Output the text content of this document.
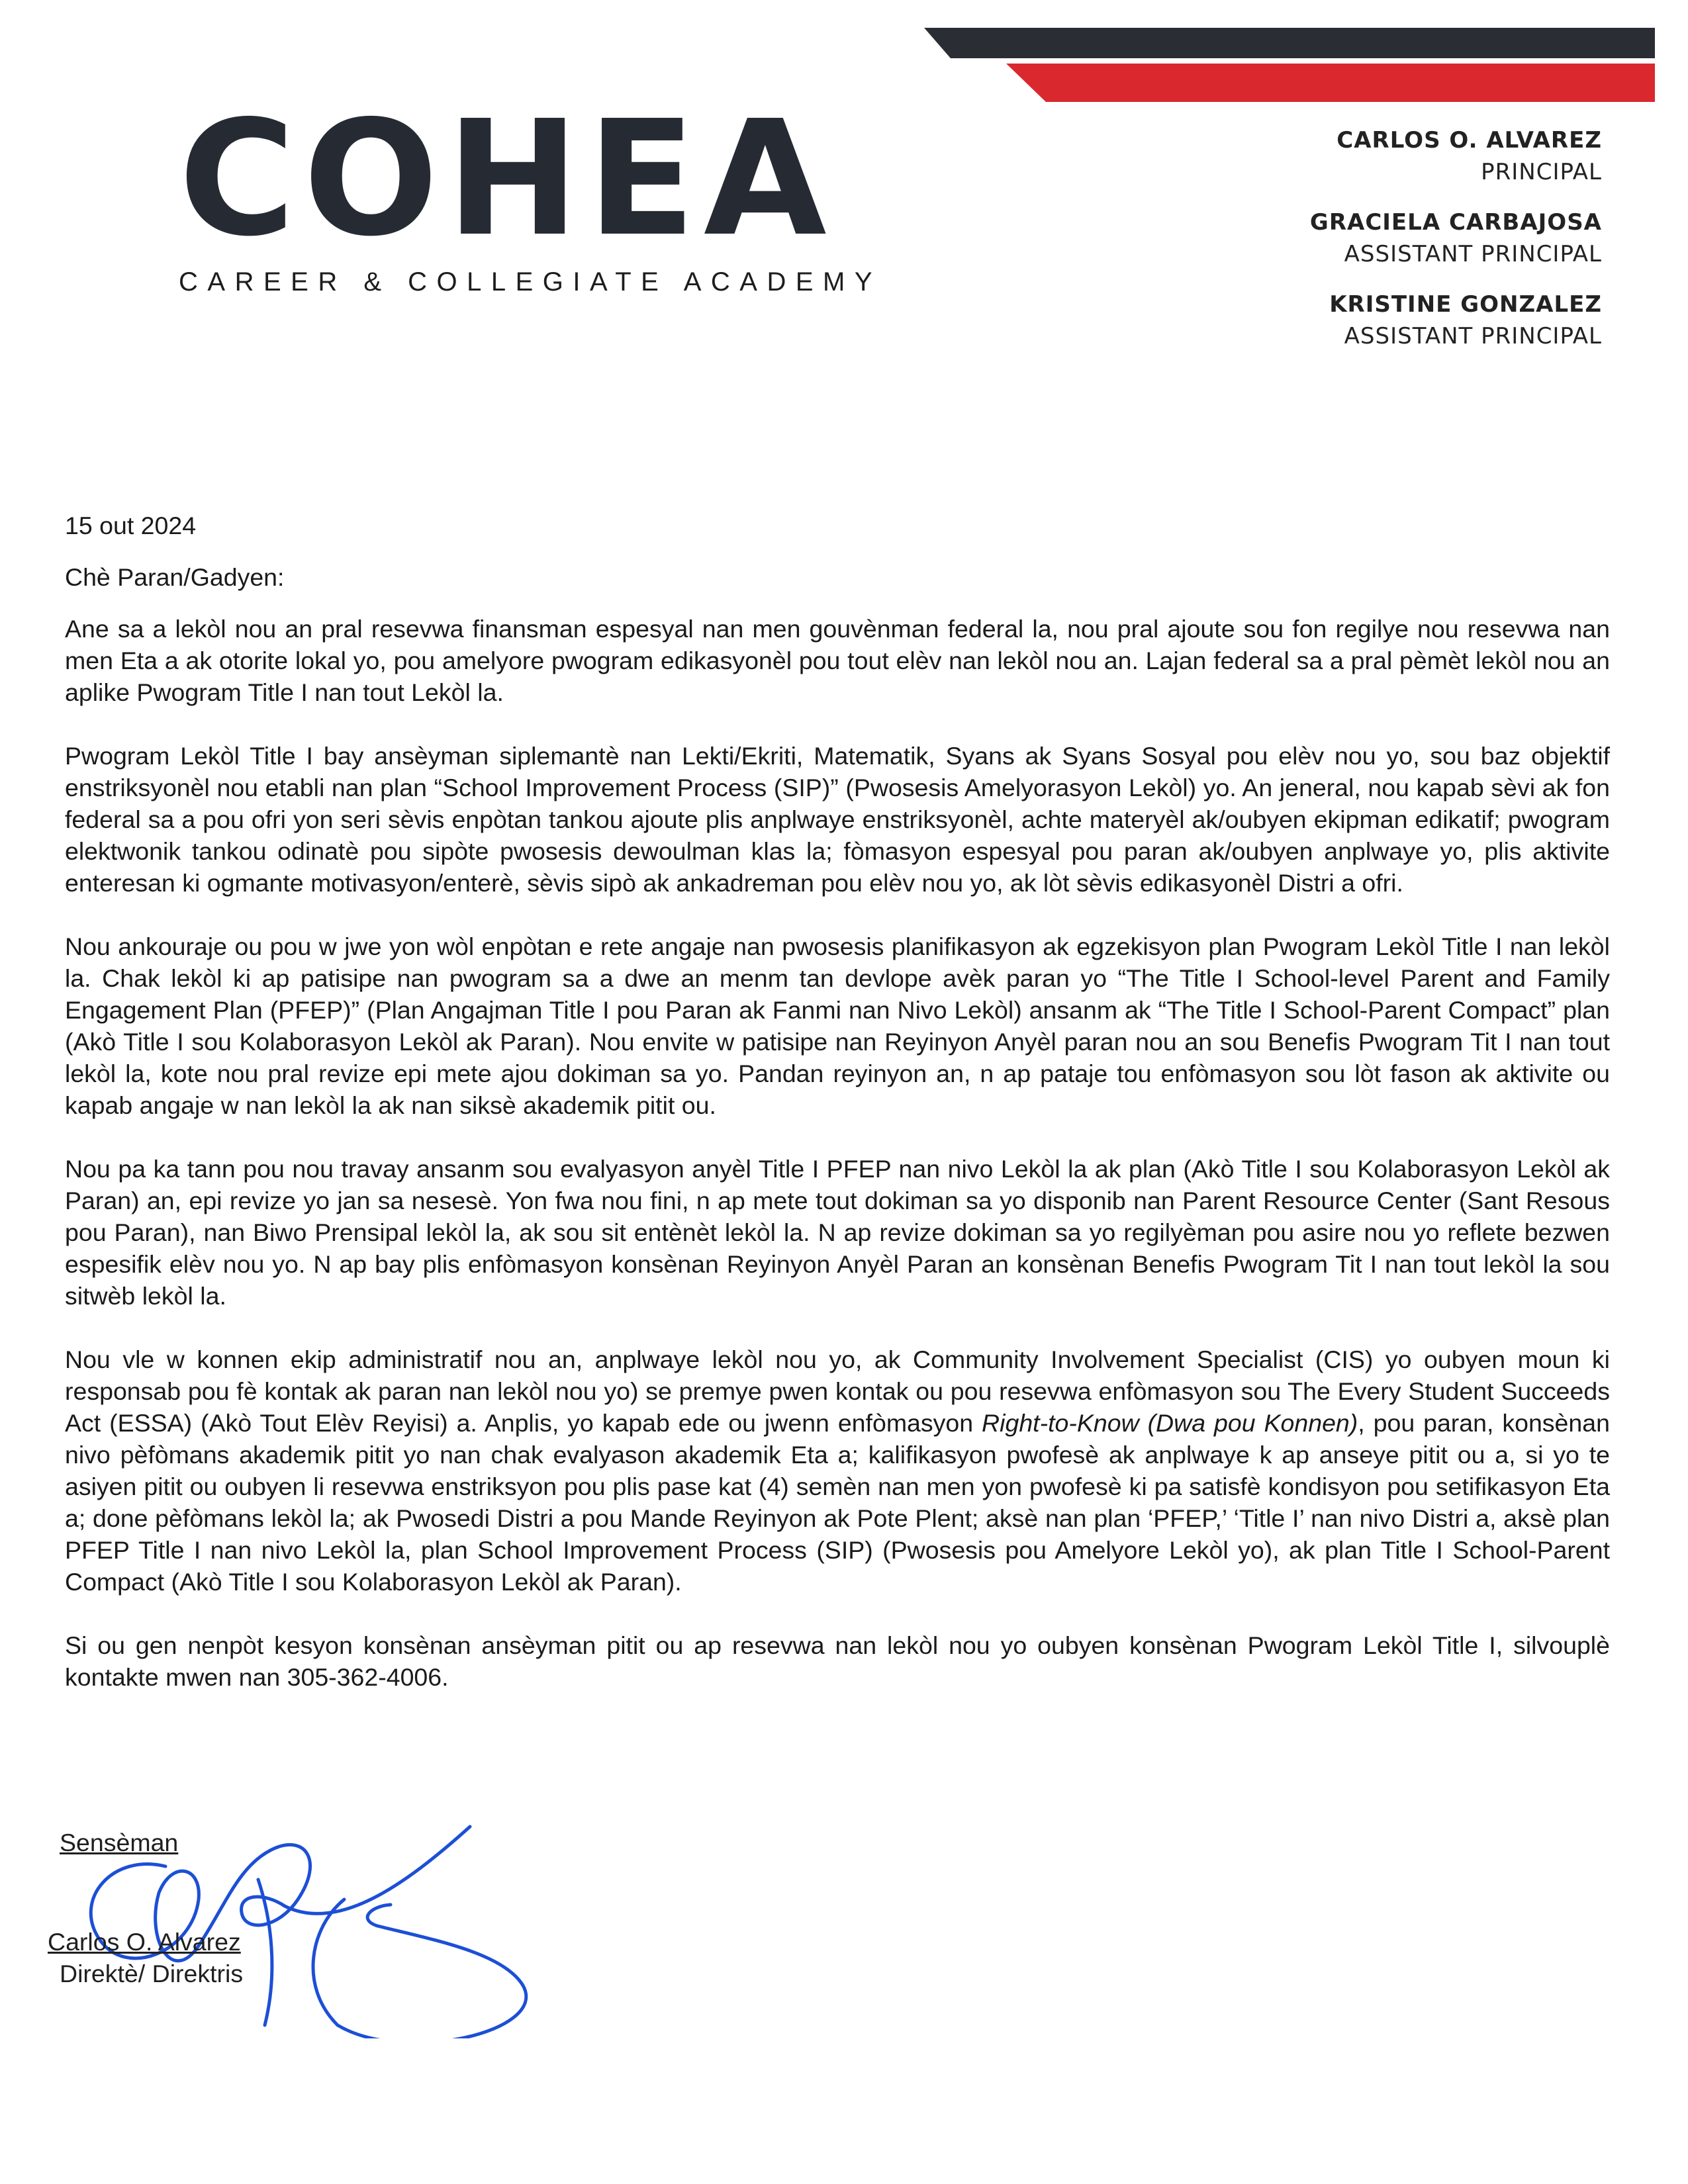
COHEA
CAREER & COLLEGIATE ACADEMY
CARLOS O. ALVAREZ
PRINCIPAL
GRACIELA CARBAJOSA
ASSISTANT PRINCIPAL
KRISTINE GONZALEZ
ASSISTANT PRINCIPAL

15 out 2024

Chè Paran/Gadyen:

Ane sa a lekòl nou an pral resevwa finansman espesyal nan men gouvènman federal la, nou pral ajoute sou fon regilye nou resevwa nan men Eta a ak otorite lokal yo, pou amelyore pwogram edikasyonèl pou tout elèv nan lekòl nou an. Lajan federal sa a pral pèmèt lekòl nou an aplike Pwogram Title I nan tout Lekòl la.

Pwogram Lekòl Title I bay ansèyman siplemantè nan Lekti/Ekriti, Matematik, Syans ak Syans Sosyal pou elèv nou yo, sou baz objektif enstriksyonèl nou etabli nan plan “School Improvement Process (SIP)” (Pwosesis Amelyorasyon Lekòl) yo. An jeneral, nou kapab sèvi ak fon federal sa a pou ofri yon seri sèvis enpòtan tankou ajoute plis anplwaye enstriksyonèl, achte materyèl ak/oubyen ekipman edikatif; pwogram elektwonik tankou odinatè pou sipòte pwosesis dewoulman klas la; fòmasyon espesyal pou paran ak/oubyen anplwaye yo, plis aktivite enteresan ki ogmante motivasyon/enterè, sèvis sipò ak ankadreman pou elèv nou yo, ak lòt sèvis edikasyonèl Distri a ofri.

Nou ankouraje ou pou w jwe yon wòl enpòtan e rete angaje nan pwosesis planifikasyon ak egzekisyon plan Pwogram Lekòl Title I nan lekòl la. Chak lekòl ki ap patisipe nan pwogram sa a dwe an menm tan devlope avèk paran yo “The Title I School-level Parent and Family Engagement Plan (PFEP)” (Plan Angajman Title I pou Paran ak Fanmi nan Nivo Lekòl) ansanm ak “The Title I School-Parent Compact” plan (Akò Title I sou Kolaborasyon Lekòl ak Paran). Nou envite w patisipe nan Reyinyon Anyèl paran nou an sou Benefis Pwogram Tit I nan tout lekòl la, kote nou pral revize epi mete ajou dokiman sa yo. Pandan reyinyon an, n ap pataje tou enfòmasyon sou lòt fason ak aktivite ou kapab angaje w nan lekòl la ak nan siksè akademik pitit ou.

Nou pa ka tann pou nou travay ansanm sou evalyasyon anyèl Title I PFEP nan nivo Lekòl la ak plan (Akò Title I sou Kolaborasyon Lekòl ak Paran) an, epi revize yo jan sa nesesè. Yon fwa nou fini, n ap mete tout dokiman sa yo disponib nan Parent Resource Center (Sant Resous pou Paran), nan Biwo Prensipal lekòl la, ak sou sit entènèt lekòl la. N ap revize dokiman sa yo regilyèman pou asire nou yo reflete bezwen espesifik elèv nou yo. N ap bay plis enfòmasyon konsènan Reyinyon Anyèl Paran an konsènan Benefis Pwogram Tit I nan tout lekòl la sou sitwèb lekòl la.

Nou vle w konnen ekip administratif nou an, anplwaye lekòl nou yo, ak Community Involvement Specialist (CIS) yo oubyen moun ki responsab pou fè kontak ak paran nan lekòl nou yo) se premye pwen kontak ou pou resevwa enfòmasyon sou The Every Student Succeeds Act (ESSA) (Akò Tout Elèv Reyisi) a. Anplis, yo kapab ede ou jwenn enfòmasyon Right-to-Know (Dwa pou Konnen), pou paran, konsènan nivo pèfòmans akademik pitit yo nan chak evalyason akademik Eta a; kalifikasyon pwofesè ak anplwaye k ap anseye pitit ou a, si yo te asiyen pitit ou oubyen li resevwa enstriksyon pou plis pase kat (4) semèn nan men yon pwofesè ki pa satisfè kondisyon pou setifikasyon Eta a; done pèfòmans lekòl la; ak Pwosedi Distri a pou Mande Reyinyon ak Pote Plent; aksè nan plan ‘PFEP,’ ‘Title I’ nan nivo Distri a, aksè plan PFEP Title I nan nivo Lekòl la, plan School Improvement Process (SIP) (Pwosesis pou Amelyore Lekòl yo), ak plan Title I School-Parent Compact (Akò Title I sou Kolaborasyon Lekòl ak Paran).

Si ou gen nenpòt kesyon konsènan ansèyman pitit ou ap resevwa nan lekòl nou yo oubyen konsènan Pwogram Lekòl Title I, silvouplè kontakte mwen nan 305-362-4006.

Sensèman
Carlos O. Alvarez
Direktè/ Direktris
